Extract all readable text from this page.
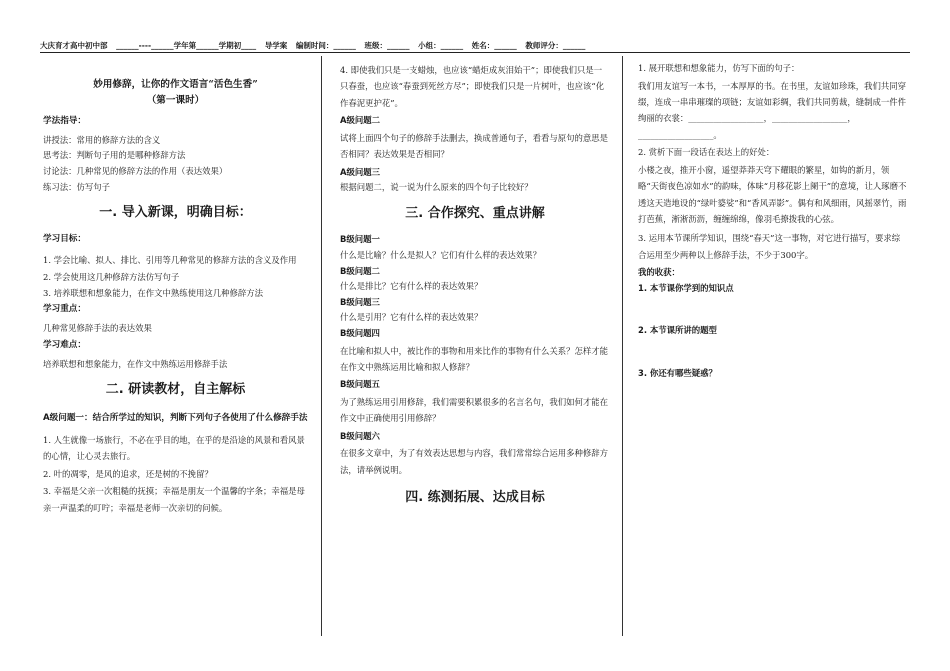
大庆育才高中初中部 ______----______学年第______学期初____ 导学案 编制时间：______ 班级：______ 小组：______ 姓名：______ 教师评分：______
妙用修辞，让你的作文语言“活色生香”
（第一课时）
学法指导：

讲授法：常用的修辞方法的含义

思考法：判断句子用的是哪种修辞方法

讨论法：几种常见的修辞方法的作用（表达效果）

练习法：仿写句子

一. 导入新课，明确目标：
学习目标：

1. 学会比喻、拟人、排比、引用等几种常见的修辞方法的含义及作用

2. 学会使用这几种修辞方法仿写句子

3. 培养联想和想象能力，在作文中熟练使用这几种修辞方法

学习重点：

几种常见修辞手法的表达效果

学习难点：

培养联想和想象能力，在作文中熟练运用修辞手法

二. 研读教材，自主解标
A级问题一：结合所学过的知识，判断下列句子各使用了什么修辞手法

1. 人生就像一场旅行，不必在乎目的地，在乎的是沿途的风景和看风景的心情，让心灵去旅行。

2. 叶的凋零，是风的追求，还是树的不挽留？

3. 幸福是父亲一次粗糙的抚摸；幸福是朋友一个温馨的字条；幸福是母亲一声温柔的叮咛；幸福是老师一次亲切的问候。

4. 即使我们只是一支蜡烛，也应该“蜡炬成灰泪始干”；即使我们只是一只春蚕，也应该“春蚕到死丝方尽”；即使我们只是一片树叶，也应该“化作春泥更护花”。

A级问题二

试将上面四个句子的修辞手法删去，换成普通句子，看看与原句的意思是否相同？表达效果是否相同？

A级问题三

根据问题二，说一说为什么原来的四个句子比较好？

三. 合作探究、重点讲解
B级问题一

什么是比喻？什么是拟人？它们有什么样的表达效果？

B级问题二

什么是排比？它有什么样的表达效果？

B级问题三

什么是引用？它有什么样的表达效果？

B级问题四

在比喻和拟人中，被比作的事物和用来比作的事物有什么关系？怎样才能在作文中熟练运用比喻和拟人修辞？

B级问题五

为了熟练运用引用修辞，我们需要积累很多的名言名句，我们如何才能在作文中正确使用引用修辞？

B级问题六

在很多文章中，为了有效表达思想与内容，我们常常综合运用多种修辞方法，请举例说明。

四. 练测拓展、达成目标

1. 展开联想和想象能力，仿写下面的句子：

我们用友谊写一本书，一本厚厚的书。在书里，友谊如珍珠，我们共同穿缀，连成一串串璀璨的项链；友谊如彩绸，我们共同剪裁，缝制成一件件绚丽的衣裳：__________________，__________________，__________________。

2. 赏析下面一段话在表达上的好处：

小楼之夜，推开小窗，遥望莽莽天穹下耀眼的繁星，如钩的新月，领略“天街夜色凉如水”的韵味，体味“月移花影上阑干”的意境，让人琢磨不透这天造地设的“绿叶婆娑”和“香风弄影”。偶有和风细雨，风摇翠竹，雨打芭蕉，淅淅沥沥，缠缠绵绵，像羽毛撩拨我的心弦。

3. 运用本节课所学知识，围绕“春天”这一事物，对它进行描写，要求综合运用至少两种以上修辞手法，不少于300字。

我的收获：
1. 本节课你学到的知识点
2. 本节课所讲的题型
3. 你还有哪些疑惑？
